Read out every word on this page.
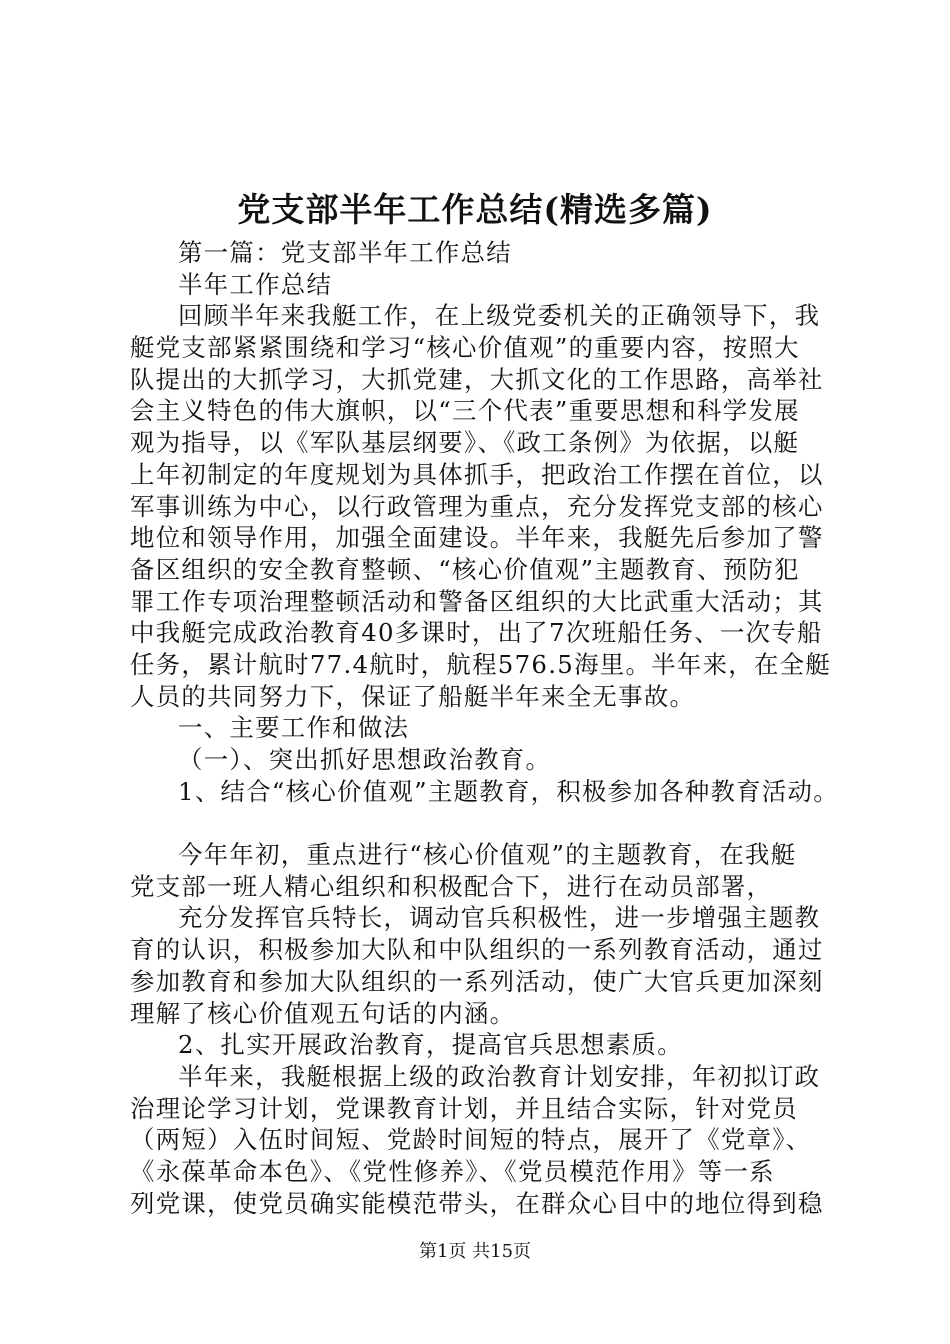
党支部半年工作总结(精选多篇)
第一篇：党支部半年工作总结
半年工作总结
回顾半年来我艇工作，在上级党委机关的正确领导下，我
艇党支部紧紧围绕和学习“核心价值观”的重要内容，按照大
队提出的大抓学习，大抓党建，大抓文化的工作思路，高举社
会主义特色的伟大旗帜，以“三个代表”重要思想和科学发展
观为指导，以《军队基层纲要》、《政工条例》为依据，以艇
上年初制定的年度规划为具体抓手，把政治工作摆在首位，以
军事训练为中心，以行政管理为重点，充分发挥党支部的核心
地位和领导作用，加强全面建设。半年来，我艇先后参加了警
备区组织的安全教育整顿、“核心价值观”主题教育、预防犯
罪工作专项治理整顿活动和警备区组织的大比武重大活动；其
中我艇完成政治教育40多课时，出了7次班船任务、一次专船
任务，累计航时77.4航时，航程576.5海里。半年来，在全艇
人员的共同努力下，保证了船艇半年来全无事故。
一、主要工作和做法
（一）、突出抓好思想政治教育。
1、结合“核心价值观”主题教育，积极参加各种教育活动。
今年年初，重点进行“核心价值观”的主题教育，在我艇
党支部一班人精心组织和积极配合下，进行在动员部署，
充分发挥官兵特长，调动官兵积极性，进一步增强主题教
育的认识，积极参加大队和中队组织的一系列教育活动，通过
参加教育和参加大队组织的一系列活动，使广大官兵更加深刻
理解了核心价值观五句话的内涵。
2、扎实开展政治教育，提高官兵思想素质。
半年来，我艇根据上级的政治教育计划安排，年初拟订政
治理论学习计划，党课教育计划，并且结合实际，针对党员
（两短）入伍时间短、党龄时间短的特点，展开了《党章》、
《永葆革命本色》、《党性修养》、《党员模范作用》等一系
列党课，使党员确实能模范带头，在群众心目中的地位得到稳
第1页 共15页
